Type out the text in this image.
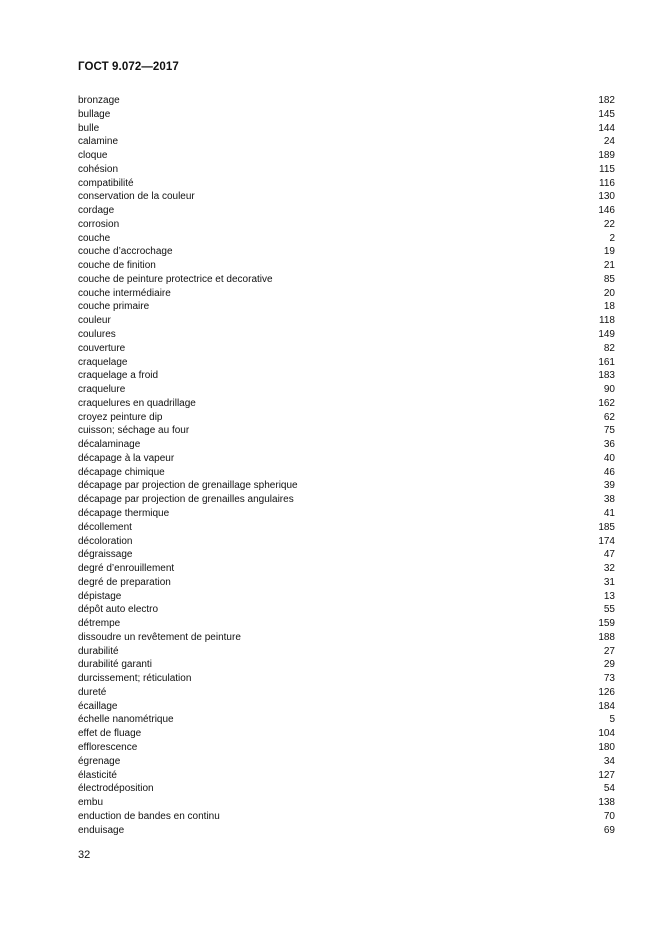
ГОСТ 9.072—2017
bronzage	182
bullage	145
bulle	144
calamine	24
cloque	189
cohésion	115
compatibilité	116
conservation de la couleur	130
cordage	146
corrosion	22
couche	2
couche d’accrochage	19
couche de finition	21
couche de peinture protectrice et decorative	85
couche intermédiaire	20
couche primaire	18
couleur	118
coulures	149
couverture	82
craquelage	161
craquelage a froid	183
craquelure	90
craquelures en quadrillage	162
croyez peinture dip	62
cuisson; séchage au four	75
décalaminage	36
décapage à la vapeur	40
décapage chimique	46
décapage par projection de grenaillage spherique	39
décapage par projection de grenailles angulaires	38
décapage thermique	41
décollement	185
décoloration	174
dégraissage	47
degré d’enrouillement	32
degré de preparation	31
dépistage	13
dépôt auto electro	55
détrempe	159
dissoudre un revêtement de peinture	188
durabilité	27
durabilité garanti	29
durcissement; réticulation	73
dureté	126
écaillage	184
échelle nanométrique	5
effet de fluage	104
efflorescence	180
égrenage	34
élasticité	127
électrodéposition	54
embu	138
enduction de bandes en continu	70
enduisage	69
32
